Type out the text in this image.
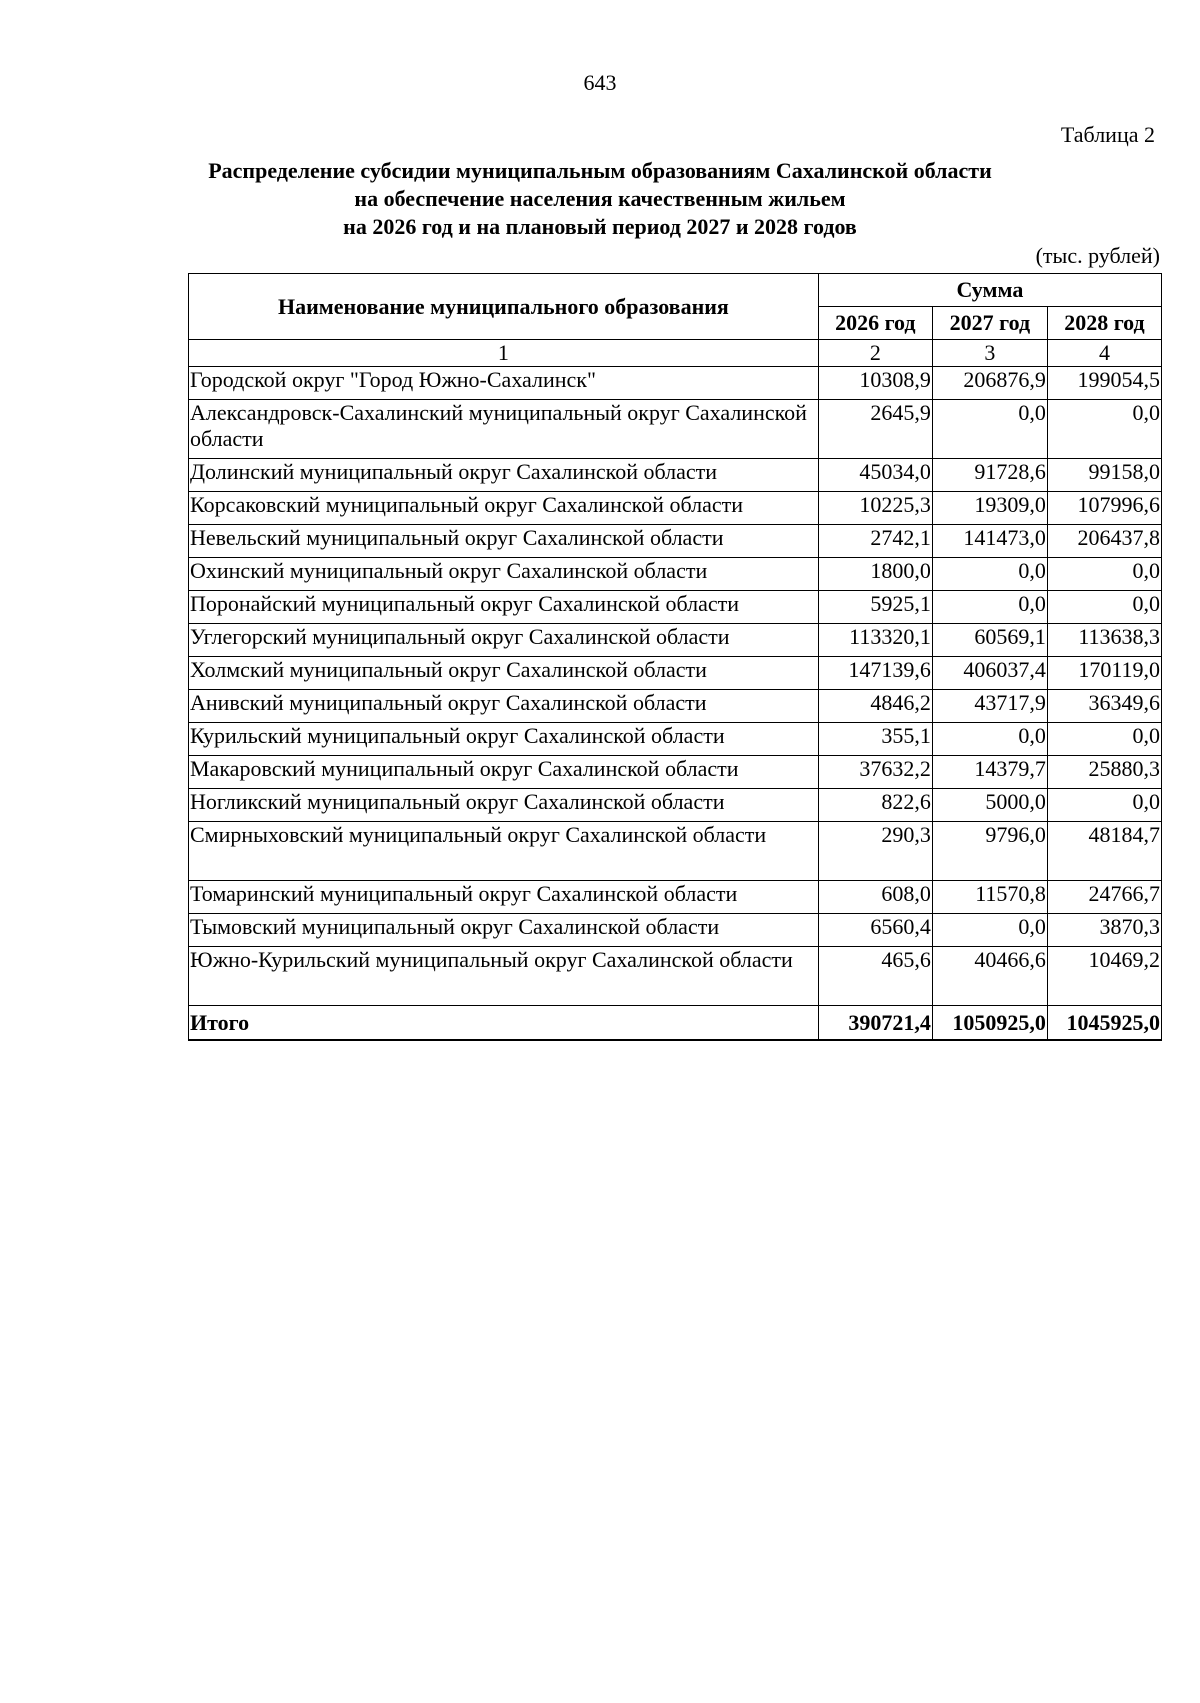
643
Таблица 2
Распределение субсидии муниципальным образованиям Сахалинской области
на обеспечение населения качественным жильем
на 2026 год и на плановый период 2027 и 2028 годов
(тыс. рублей)
Наименование муниципального образования	Сумма		
	2026 год	2027 год	2028 год
1	2	3	4
Городской округ "Город Южно-Сахалинск"	10308,9	206876,9	199054,5
Александровск-Сахалинский муниципальный округ Сахалинской области	2645,9	0,0	0,0
Долинский муниципальный округ Сахалинской области	45034,0	91728,6	99158,0
Корсаковский муниципальный округ Сахалинской области	10225,3	19309,0	107996,6
Невельский муниципальный округ Сахалинской области	2742,1	141473,0	206437,8
Охинский муниципальный округ Сахалинской области	1800,0	0,0	0,0
Поронайский муниципальный округ Сахалинской области	5925,1	0,0	0,0
Углегорский муниципальный округ Сахалинской области	113320,1	60569,1	113638,3
Холмский муниципальный округ Сахалинской области	147139,6	406037,4	170119,0
Анивский муниципальный округ Сахалинской области	4846,2	43717,9	36349,6
Курильский муниципальный округ Сахалинской области	355,1	0,0	0,0
Макаровский муниципальный округ Сахалинской области	37632,2	14379,7	25880,3
Ногликский муниципальный округ Сахалинской области	822,6	5000,0	0,0
Смирныховский муниципальный округ Сахалинской области	290,3	9796,0	48184,7
Томаринский муниципальный округ Сахалинской области	608,0	11570,8	24766,7
Тымовский муниципальный округ Сахалинской области	6560,4	0,0	3870,3
Южно-Курильский муниципальный округ Сахалинской области	465,6	40466,6	10469,2
Итого	390721,4	1050925,0	1045925,0
